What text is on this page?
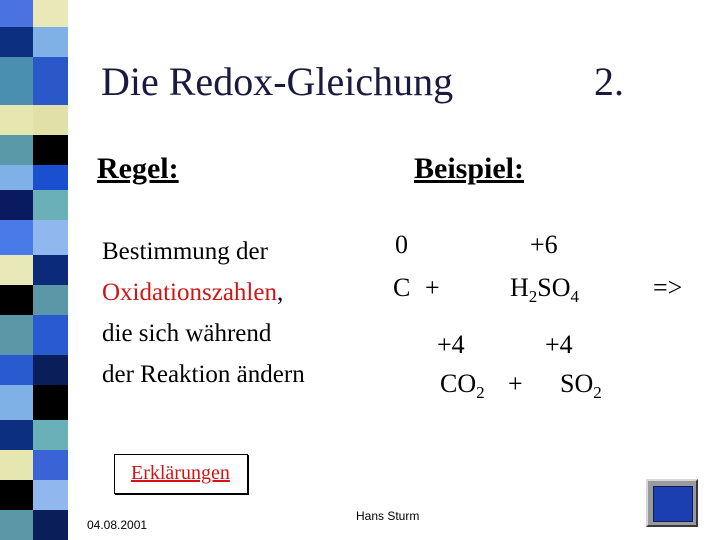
Die Redox-Gleichung	2.
Regel:	Beispiel:
Bestimmung der
Oxidationszahlen,
die sich während
der Reaktion ändern
0	+6
C +	$H_2SO_4$	=>
+4	+4
$CO_2 + SO_2$
Erklärungen
04.08.2001
Hans Sturm
